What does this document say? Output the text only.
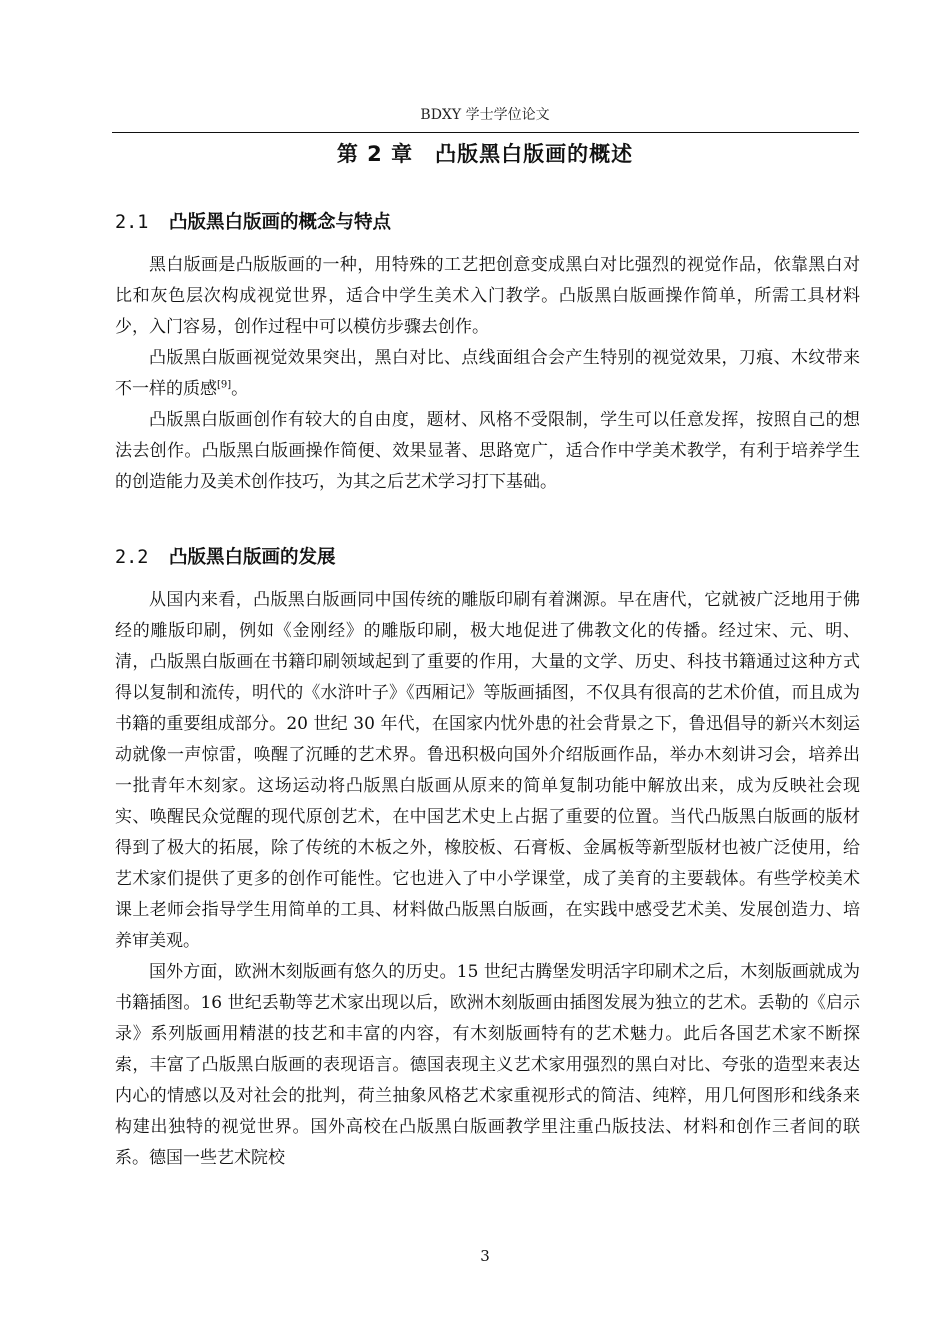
BDXY 学士学位论文
第 2 章 凸版黑白版画的概述
2.1 凸版黑白版画的概念与特点

黑白版画是凸版版画的一种，用特殊的工艺把创意变成黑白对比强烈的视觉作品，依靠黑白对比和灰色层次构成视觉世界，适合中学生美术入门教学。凸版黑白版画操作简单，所需工具材料少，入门容易，创作过程中可以模仿步骤去创作。

凸版黑白版画视觉效果突出，黑白对比、点线面组合会产生特别的视觉效果，刀痕、木纹带来不一样的质感[9]。

凸版黑白版画创作有较大的自由度，题材、风格不受限制，学生可以任意发挥，按照自己的想法去创作。凸版黑白版画操作简便、效果显著、思路宽广，适合作中学美术教学，有利于培养学生的创造能力及美术创作技巧，为其之后艺术学习打下基础。

2.2 凸版黑白版画的发展

从国内来看，凸版黑白版画同中国传统的雕版印刷有着渊源。早在唐代，它就被广泛地用于佛经的雕版印刷，例如《金刚经》的雕版印刷，极大地促进了佛教文化的传播。经过宋、元、明、清，凸版黑白版画在书籍印刷领域起到了重要的作用，大量的文学、历史、科技书籍通过这种方式得以复制和流传，明代的《水浒叶子》《西厢记》等版画插图，不仅具有很高的艺术价值，而且成为书籍的重要组成部分。20 世纪 30 年代，在国家内忧外患的社会背景之下，鲁迅倡导的新兴木刻运动就像一声惊雷，唤醒了沉睡的艺术界。鲁迅积极向国外介绍版画作品，举办木刻讲习会，培养出一批青年木刻家。这场运动将凸版黑白版画从原来的简单复制功能中解放出来，成为反映社会现实、唤醒民众觉醒的现代原创艺术，在中国艺术史上占据了重要的位置。当代凸版黑白版画的版材得到了极大的拓展，除了传统的木板之外，橡胶板、石膏板、金属板等新型版材也被广泛使用，给艺术家们提供了更多的创作可能性。它也进入了中小学课堂，成了美育的主要载体。有些学校美术课上老师会指导学生用简单的工具、材料做凸版黑白版画，在实践中感受艺术美、发展创造力、培养审美观。

国外方面，欧洲木刻版画有悠久的历史。15 世纪古腾堡发明活字印刷术之后，木刻版画就成为书籍插图。16 世纪丢勒等艺术家出现以后，欧洲木刻版画由插图发展为独立的艺术。丢勒的《启示录》系列版画用精湛的技艺和丰富的内容，有木刻版画特有的艺术魅力。此后各国艺术家不断探索，丰富了凸版黑白版画的表现语言。德国表现主义艺术家用强烈的黑白对比、夸张的造型来表达内心的情感以及对社会的批判，荷兰抽象风格艺术家重视形式的简洁、纯粹，用几何图形和线条来构建出独特的视觉世界。国外高校在凸版黑白版画教学里注重凸版技法、材料和创作三者间的联系。德国一些艺术院校

3
